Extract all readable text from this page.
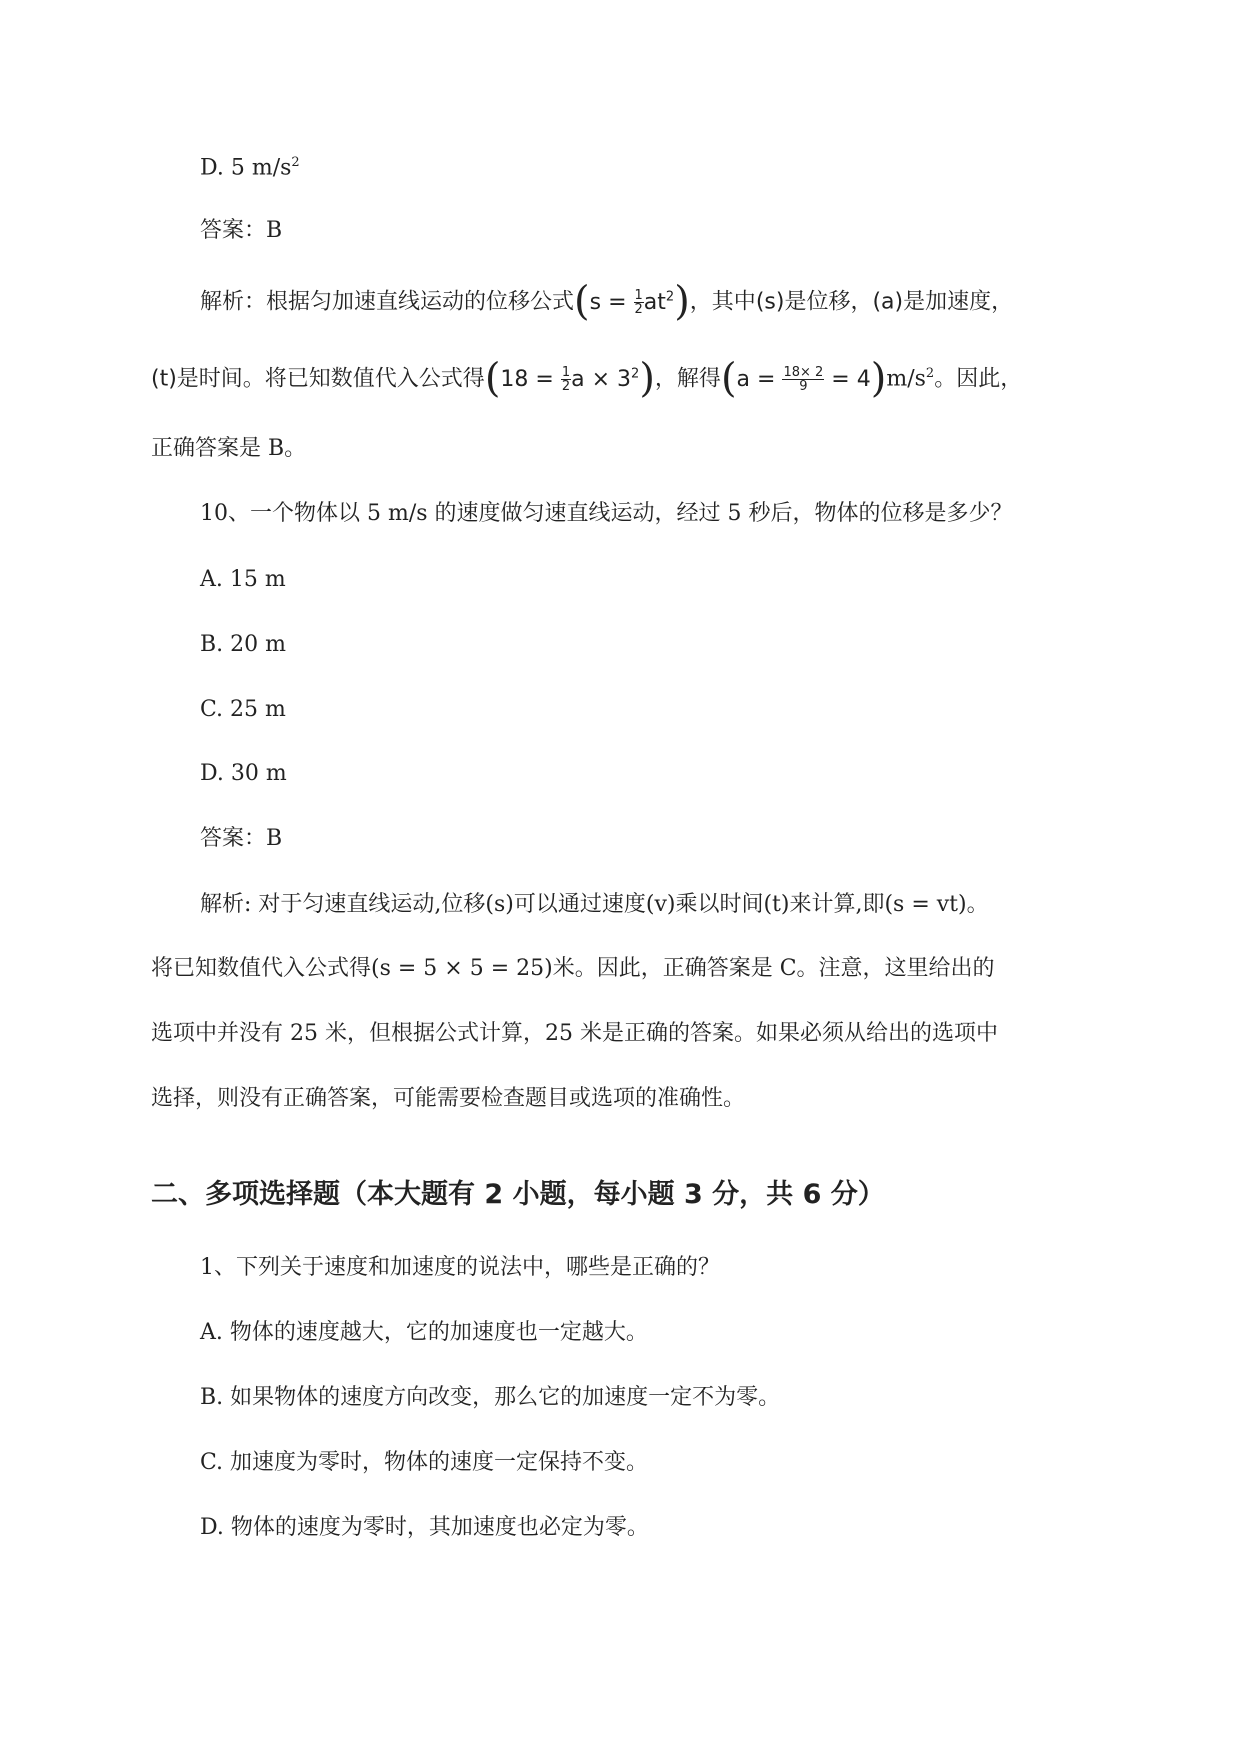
D. 5 $m/s^2$
答案：B
解析：根据匀加速直线运动的位移公式$(s = \frac{1}{2} at^2)$，其中(s)是位移，(a)是加速度，
(t)是时间。将已知数值代入公式得($18 = \frac{1}{2}$ $a \times 3^2$)，解得$(a = \frac{18\times 2}{9} = 4)m/s^2$。因此，
正确答案是 B。
10、一个物体以 5 m/s 的速度做匀速直线运动，经过 5 秒后，物体的位移是多少？
A. 15 m
B. 20 m
C. 25 m
D. 30 m
答案：B
解析: 对于匀速直线运动,位移(s)可以通过速度(v)乘以时间(t)来计算,即(s = vt)。
将已知数值代入公式得(s = 5 × 5 = 25)米。因此，正确答案是 C。注意，这里给出的
选项中并没有 25 米，但根据公式计算，25 米是正确的答案。如果必须从给出的选项中
选择，则没有正确答案，可能需要检查题目或选项的准确性。
二、多项选择题（本大题有 2 小题，每小题 3 分，共 6 分）
1、下列关于速度和加速度的说法中，哪些是正确的？
A. 物体的速度越大，它的加速度也一定越大。
B. 如果物体的速度方向改变，那么它的加速度一定不为零。
C. 加速度为零时，物体的速度一定保持不变。
D. 物体的速度为零时，其加速度也必定为零。
